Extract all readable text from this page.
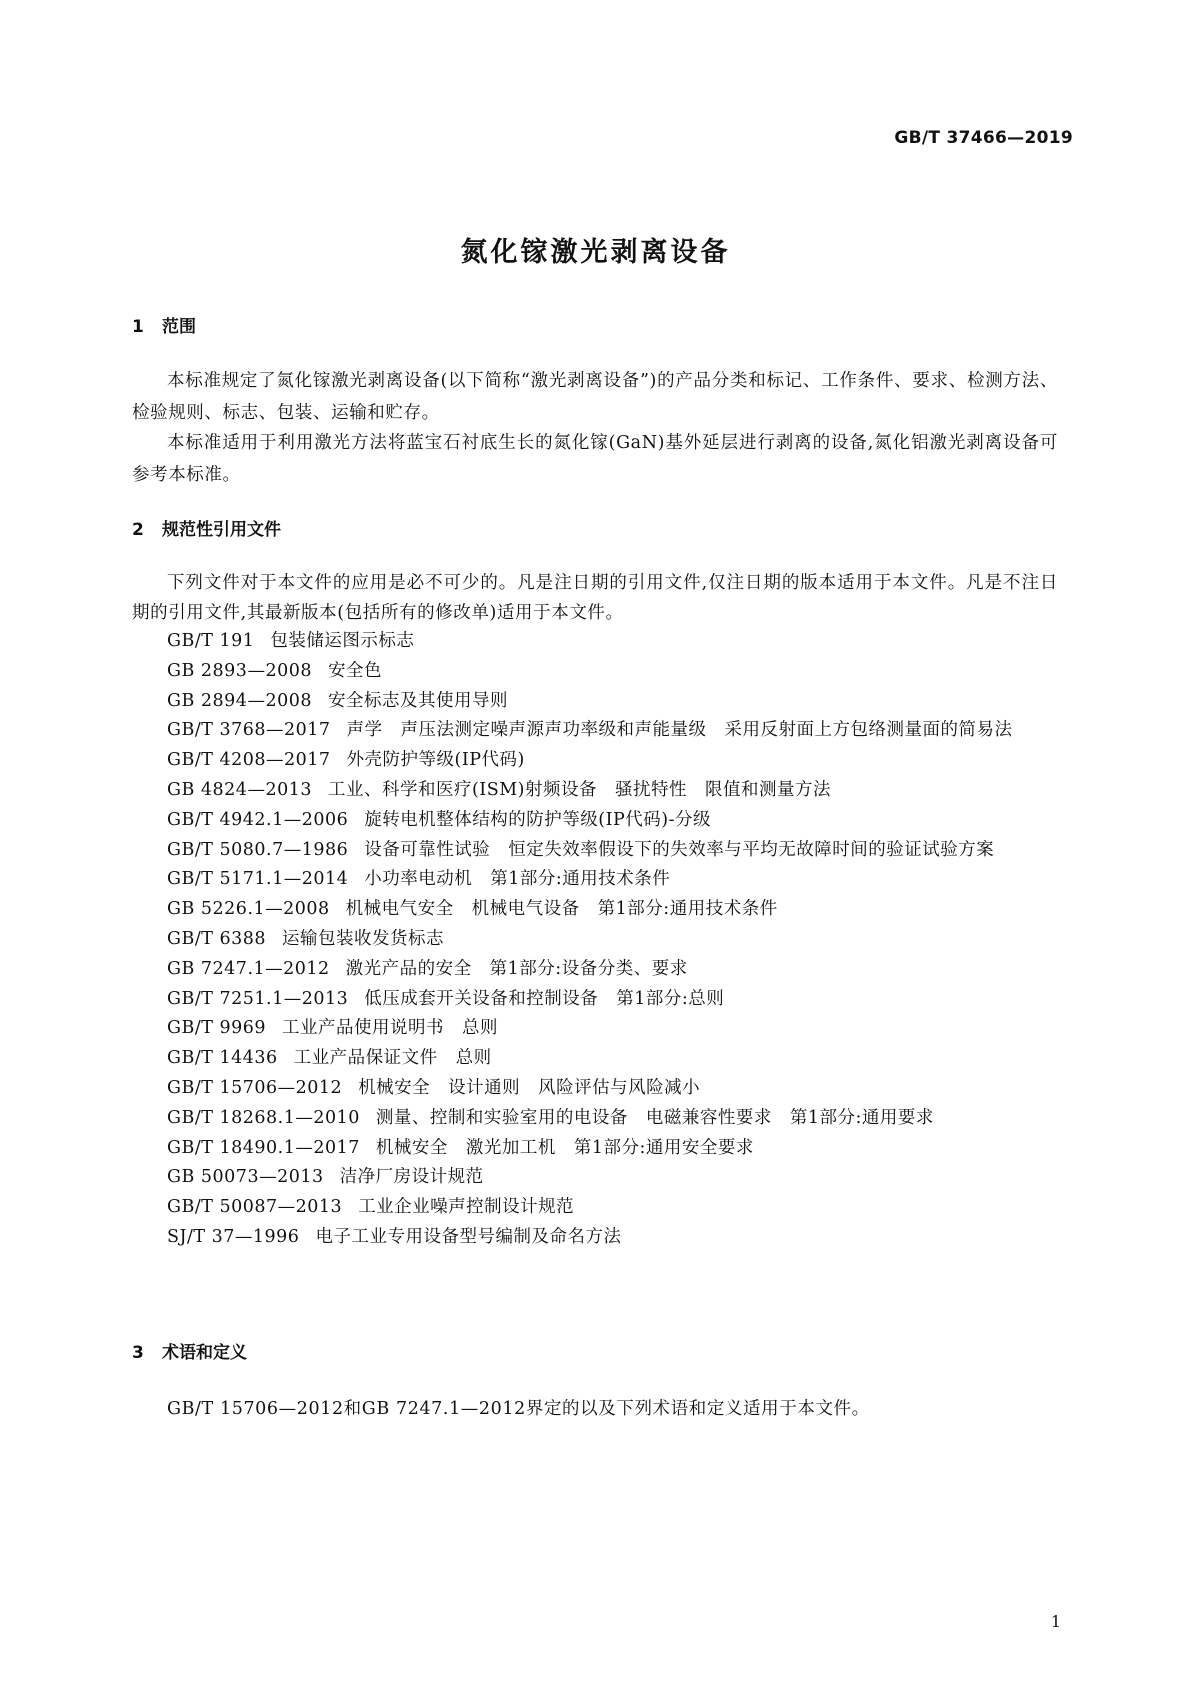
GB/T 37466—2019
氮化镓激光剥离设备
1 范围
本标准规定了氮化镓激光剥离设备(以下简称“激光剥离设备”)的产品分类和标记、工作条件、要求、检测方法、检验规则、标志、包装、运输和贮存。
本标准适用于利用激光方法将蓝宝石衬底生长的氮化镓(GaN)基外延层进行剥离的设备,氮化铝激光剥离设备可参考本标准。
2 规范性引用文件
下列文件对于本文件的应用是必不可少的。凡是注日期的引用文件,仅注日期的版本适用于本文件。凡是不注日期的引用文件,其最新版本(包括所有的修改单)适用于本文件。
GB/T 191 包装储运图示标志
GB 2893—2008 安全色
GB 2894—2008 安全标志及其使用导则
GB/T 3768—2017 声学　声压法测定噪声源声功率级和声能量级　采用反射面上方包络测量面的简易法
GB/T 4208—2017 外壳防护等级(IP代码)
GB 4824—2013 工业、科学和医疗(ISM)射频设备　骚扰特性　限值和测量方法
GB/T 4942.1—2006 旋转电机整体结构的防护等级(IP代码)-分级
GB/T 5080.7—1986 设备可靠性试验　恒定失效率假设下的失效率与平均无故障时间的验证试验方案
GB/T 5171.1—2014 小功率电动机　第1部分:通用技术条件
GB 5226.1—2008 机械电气安全　机械电气设备　第1部分:通用技术条件
GB/T 6388 运输包装收发货标志
GB 7247.1—2012 激光产品的安全　第1部分:设备分类、要求
GB/T 7251.1—2013 低压成套开关设备和控制设备　第1部分:总则
GB/T 9969 工业产品使用说明书　总则
GB/T 14436 工业产品保证文件　总则
GB/T 15706—2012 机械安全　设计通则　风险评估与风险减小
GB/T 18268.1—2010 测量、控制和实验室用的电设备　电磁兼容性要求　第1部分:通用要求
GB/T 18490.1—2017 机械安全　激光加工机　第1部分:通用安全要求
GB 50073—2013 洁净厂房设计规范
GB/T 50087—2013 工业企业噪声控制设计规范
SJ/T 37—1996 电子工业专用设备型号编制及命名方法
3 术语和定义
GB/T 15706—2012和GB 7247.1—2012界定的以及下列术语和定义适用于本文件。
1
